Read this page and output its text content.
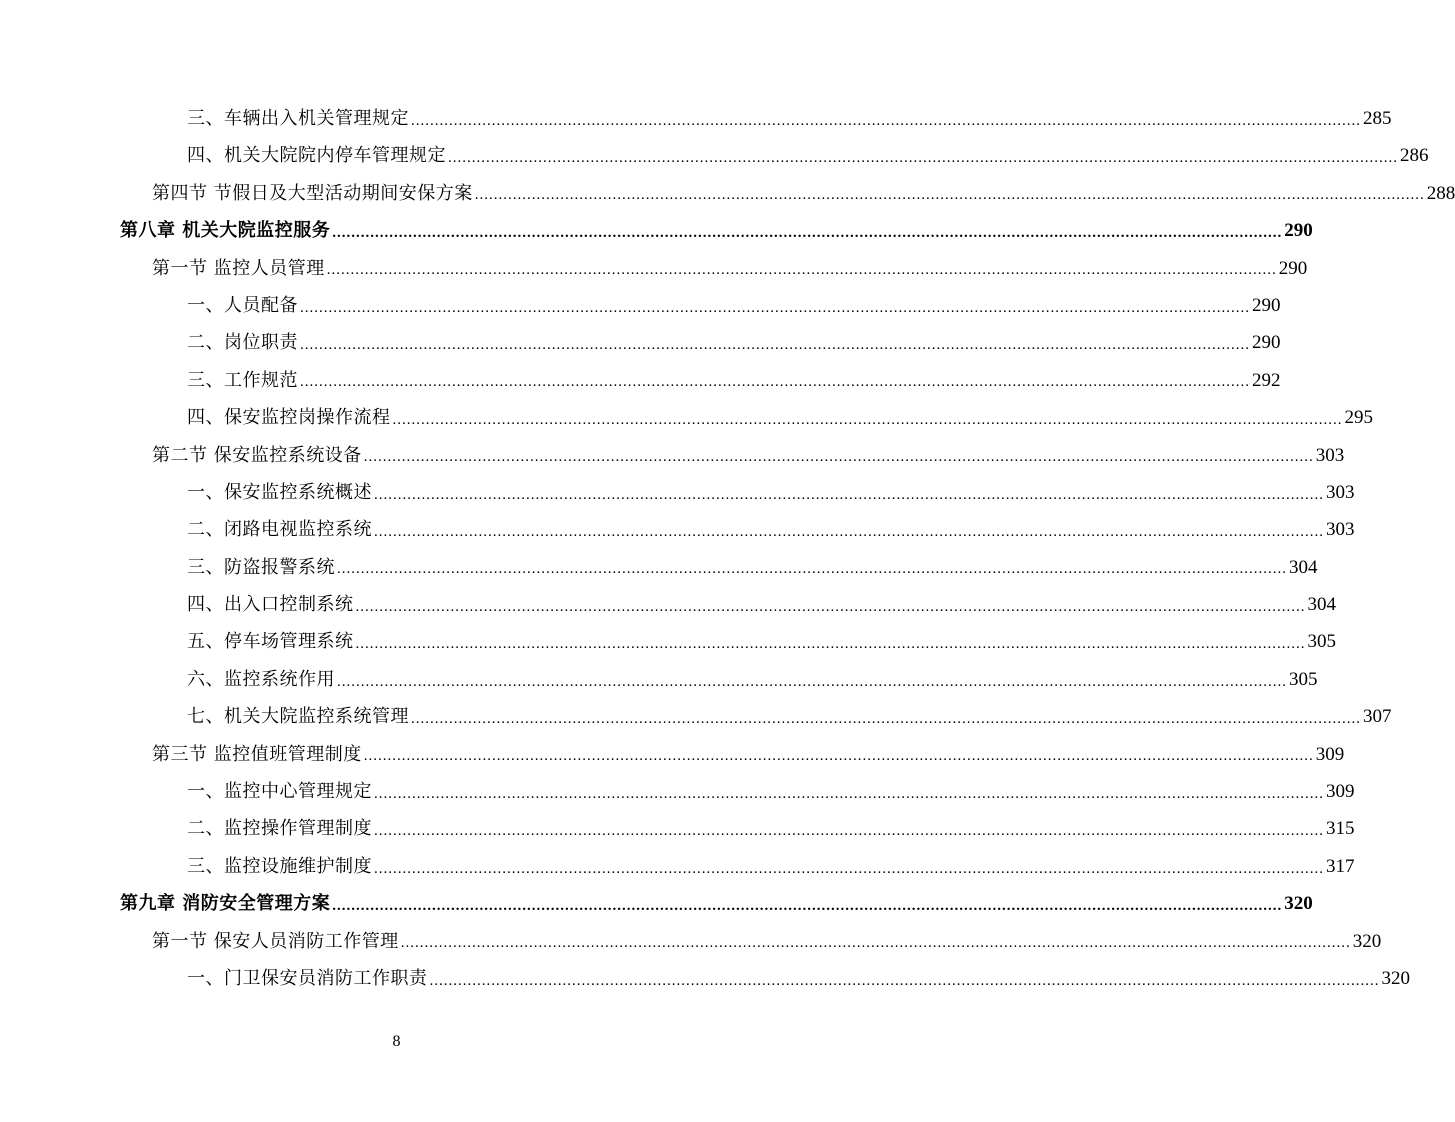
三、车辆出入机关管理规定 ........................................................................................................................................................................................................ 285
四、机关大院院内停车管理规定 ........................................................................................................................................................................................................ 286
第四节 节假日及大型活动期间安保方案 ........................................................................................................................................................................................................ 288
第八章 机关大院监控服务 ........................................................................................................................................................................................................ 290
第一节 监控人员管理 ........................................................................................................................................................................................................ 290
一、人员配备 ........................................................................................................................................................................................................ 290
二、岗位职责 ........................................................................................................................................................................................................ 290
三、工作规范 ........................................................................................................................................................................................................ 292
四、保安监控岗操作流程 ........................................................................................................................................................................................................ 295
第二节 保安监控系统设备 ........................................................................................................................................................................................................ 303
一、保安监控系统概述 ........................................................................................................................................................................................................ 303
二、闭路电视监控系统 ........................................................................................................................................................................................................ 303
三、防盗报警系统 ........................................................................................................................................................................................................ 304
四、出入口控制系统 ........................................................................................................................................................................................................ 304
五、停车场管理系统 ........................................................................................................................................................................................................ 305
六、监控系统作用 ........................................................................................................................................................................................................ 305
七、机关大院监控系统管理 ........................................................................................................................................................................................................ 307
第三节 监控值班管理制度 ........................................................................................................................................................................................................ 309
一、监控中心管理规定 ........................................................................................................................................................................................................ 309
二、监控操作管理制度 ........................................................................................................................................................................................................ 315
三、监控设施维护制度 ........................................................................................................................................................................................................ 317
第九章 消防安全管理方案 ........................................................................................................................................................................................................ 320
第一节 保安人员消防工作管理 ........................................................................................................................................................................................................ 320
一、门卫保安员消防工作职责 ........................................................................................................................................................................................................ 320
8
